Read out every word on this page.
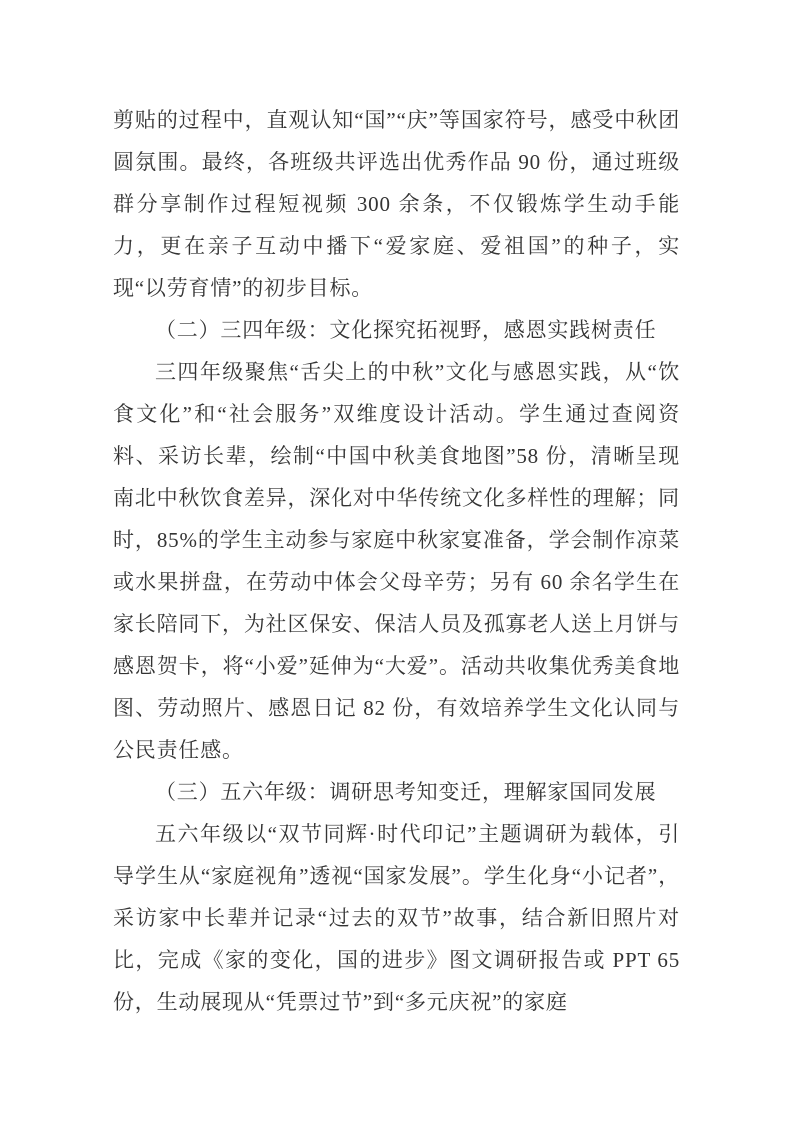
剪贴的过程中，直观认知“国”“庆”等国家符号，感受中秋团圆氛围。最终，各班级共评选出优秀作品 90 份，通过班级群分享制作过程短视频 300 余条，不仅锻炼学生动手能力，更在亲子互动中播下“爱家庭、爱祖国”的种子，实现“以劳育情”的初步目标。

（二）三四年级：文化探究拓视野，感恩实践树责任

三四年级聚焦“舌尖上的中秋”文化与感恩实践，从“饮食文化”和“社会服务”双维度设计活动。学生通过查阅资料、采访长辈，绘制“中国中秋美食地图”58 份，清晰呈现南北中秋饮食差异，深化对中华传统文化多样性的理解；同时，85%的学生主动参与家庭中秋家宴准备，学会制作凉菜或水果拼盘，在劳动中体会父母辛劳；另有 60 余名学生在家长陪同下，为社区保安、保洁人员及孤寡老人送上月饼与感恩贺卡，将“小爱”延伸为“大爱”。活动共收集优秀美食地图、劳动照片、感恩日记 82 份，有效培养学生文化认同与公民责任感。

（三）五六年级：调研思考知变迁，理解家国同发展

五六年级以“双节同辉·时代印记”主题调研为载体，引导学生从“家庭视角”透视“国家发展”。学生化身“小记者”，采访家中长辈并记录“过去的双节”故事，结合新旧照片对比，完成《家的变化，国的进步》图文调研报告或 PPT 65 份，生动展现从“凭票过节”到“多元庆祝”的家庭
